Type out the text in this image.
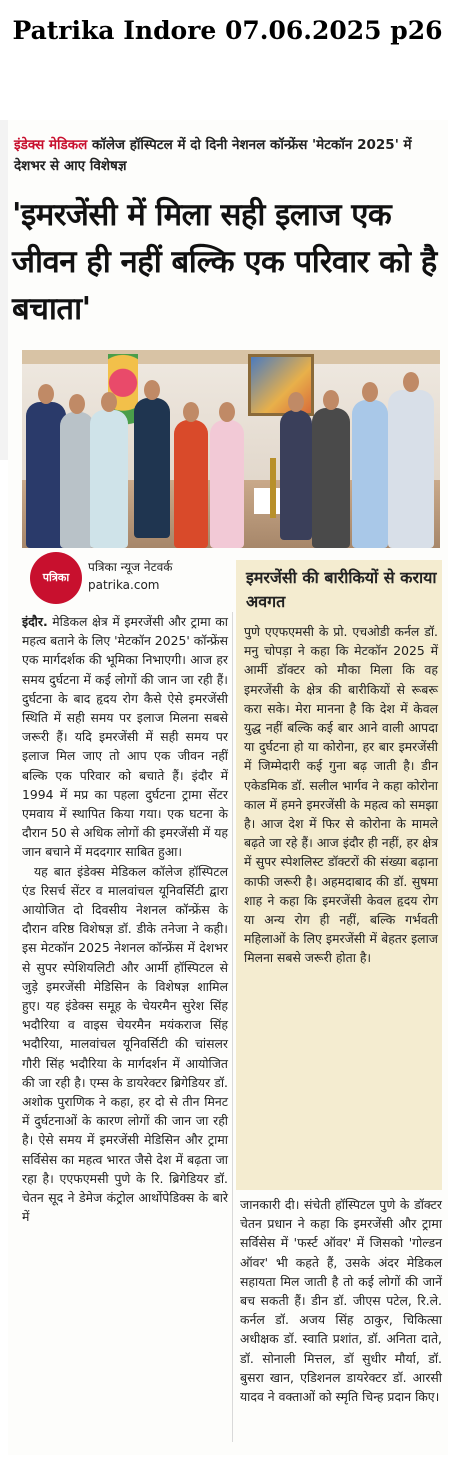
Patrika Indore 07.06.2025 p26
इंडेक्स मेडिकल कॉलेज हॉस्पिटल में दो दिनी नेशनल कॉन्फ्रेंस 'मेटकॉन 2025' में देशभर से आए विशेषज्ञ
'इमरजेंसी में मिला सही इलाज एक जीवन ही नहीं बल्कि एक परिवार को है बचाता'
पत्रिका
पत्रिका न्यूज नेटवर्क
patrika.com

इंदौर. मेडिकल क्षेत्र में इमरजेंसी और ट्रामा का महत्व बताने के लिए 'मेटकॉन 2025' कॉन्फ्रेंस एक मार्गदर्शक की भूमिका निभाएगी। आज हर समय दुर्घटना में कई लोगों की जान जा रही हैं। दुर्घटना के बाद हृदय रोग कैसे ऐसे इमरजेंसी स्थिति में सही समय पर इलाज मिलना सबसे जरूरी हैं। यदि इमरजेंसी में सही समय पर इलाज मिल जाए तो आप एक जीवन नहीं बल्कि एक परिवार को बचाते हैं। इंदौर में 1994 में मप्र का पहला दुर्घटना ट्रामा सेंटर एमवाय में स्थापित किया गया। एक घटना के दौरान 50 से अधिक लोगों की इमरजेंसी में यह जान बचाने में मददगार साबित हुआ।

यह बात इंडेक्स मेडिकल कॉलेज हॉस्पिटल एंड रिसर्च सेंटर व मालवांचल यूनिवर्सिटी द्वारा आयोजित दो दिवसीय नेशनल कॉन्फ्रेंस के दौरान वरिष्ठ विशेषज्ञ डॉ. डीके तनेजा ने कही। इस मेटकॉन 2025 नेशनल कॉन्फ्रेंस में देशभर से सुपर स्पेशियलिटी और आर्मी हॉस्पिटल से जुड़े इमरजेंसी मेडिसिन के विशेषज्ञ शामिल हुए। यह इंडेक्स समूह के चेयरमैन सुरेश सिंह भदौरिया व वाइस चेयरमैन मयंकराज सिंह भदौरिया, मालवांचल यूनिवर्सिटी की चांसलर गौरी सिंह भदौरिया के मार्गदर्शन में आयोजित की जा रही है। एम्स के डायरेक्टर ब्रिगेडियर डॉ. अशोक पुराणिक ने कहा, हर दो से तीन मिनट में दुर्घटनाओं के कारण लोगों की जान जा रही है। ऐसे समय में इमरजेंसी मेडिसिन और ट्रामा सर्विसेस का महत्व भारत जैसे देश में बढ़ता जा रहा है। एएफएमसी पुणे के रि. ब्रिगेडियर डॉ. चेतन सूद ने डेमेज कंट्रोल आर्थोपेडिक्स के बारे में

इमरजेंसी की बारीकियों से कराया अवगत
पुणे एएफएमसी के प्रो. एचओडी कर्नल डॉ. मनु चोपड़ा ने कहा कि मेटकॉन 2025 में आर्मी डॉक्टर को मौका मिला कि वह इमरजेंसी के क्षेत्र की बारीकियों से रूबरू करा सके। मेरा मानना है कि देश में केवल युद्ध नहीं बल्कि कई बार आने वाली आपदा या दुर्घटना हो या कोरोना, हर बार इमरजेंसी में जिम्मेदारी कई गुना बढ़ जाती है। डीन एकेडमिक डॉ. सलील भार्गव ने कहा कोरोना काल में हमने इमरजेंसी के महत्व को समझा है। आज देश में फिर से कोरोना के मामले बढ़ते जा रहे हैं। आज इंदौर ही नहीं, हर क्षेत्र में सुपर स्पेशलिस्ट डॉक्टरों की संख्या बढ़ाना काफी जरूरी है। अहमदाबाद की डॉ. सुषमा शाह ने कहा कि इमरजेंसी केवल हृदय रोग या अन्य रोग ही नहीं, बल्कि गर्भवती महिलाओं के लिए इमरजेंसी में बेहतर इलाज मिलना सबसे जरूरी होता है।
जानकारी दी। संचेती हॉस्पिटल पुणे के डॉक्टर चेतन प्रधान ने कहा कि इमरजेंसी और ट्रामा सर्विसेस में 'फर्स्ट ऑवर' में जिसको 'गोल्डन ऑवर' भी कहते हैं, उसके अंदर मेडिकल सहायता मिल जाती है तो कई लोगों की जानें बच सकती हैं। डीन डॉ. जीएस पटेल, रि.ले. कर्नल डॉ. अजय सिंह ठाकुर, चिकित्सा अधीक्षक डॉ. स्वाति प्रशांत, डॉ. अनिता दाते, डॉ. सोनाली मित्तल, डॉ सुधीर मौर्या, डॉ. बुसरा खान, एडिशनल डायरेक्टर डॉ. आरसी यादव ने वक्ताओं को स्मृति चिन्ह प्रदान किए।
